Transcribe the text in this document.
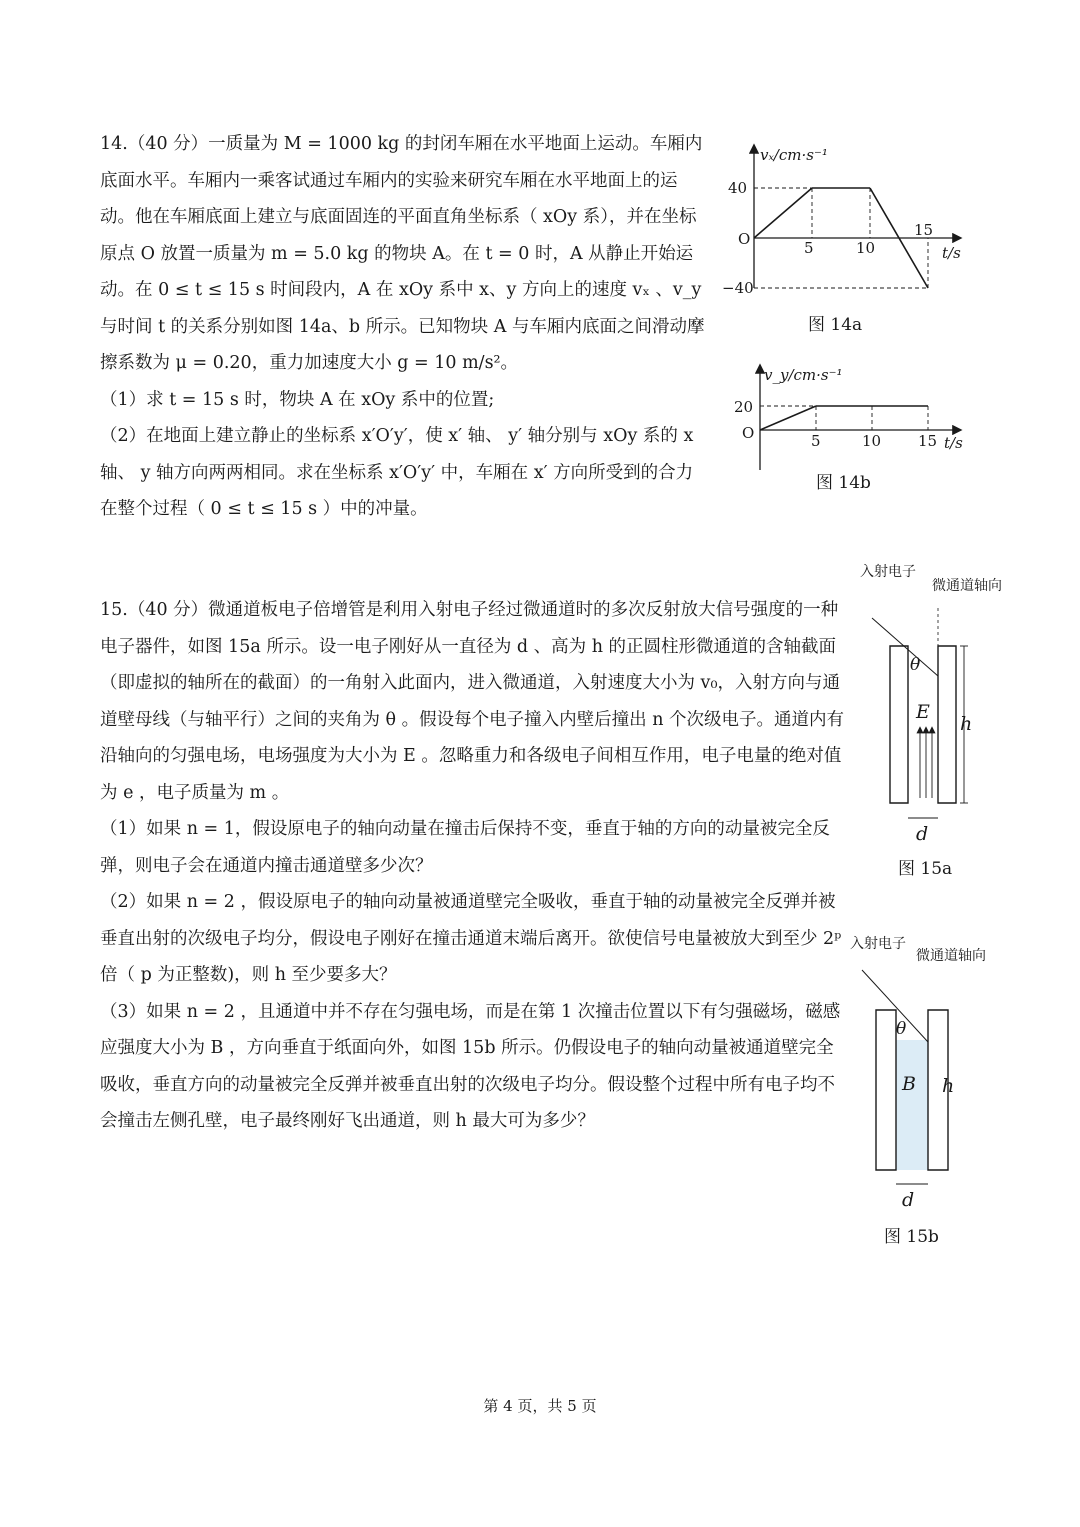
14.（40 分）一质量为 M = 1000 kg 的封闭车厢在水平地面上运动。车厢内底面水平。车厢内一乘客试通过车厢内的实验来研究车厢在水平地面上的运动。他在车厢底面上建立与底面固连的平面直角坐标系（ xOy 系），并在坐标原点 O 放置一质量为 m = 5.0 kg 的物块 A。在 t = 0 时，A 从静止开始运动。在 0 ≤ t ≤ 15 s 时间段内，A 在 xOy 系中 x、y 方向上的速度 vₓ 、v_y 与时间 t 的关系分别如图 14a、b 所示。已知物块 A 与车厢内底面之间滑动摩擦系数为 μ = 0.20，重力加速度大小 g = 10 m/s²。

（1）求 t = 15 s 时，物块 A 在 xOy 系中的位置;

（2）在地面上建立静止的坐标系 x′O′y′，使 x′ 轴、 y′ 轴分别与 xOy 系的 x 轴、 y 轴方向两两相同。求在坐标系 x′O′y′ 中，车厢在 x′ 方向所受到的合力在整个过程（ 0 ≤ t ≤ 15 s ）中的冲量。

vₓ/cm·s⁻¹
t/s
O
40
−40
5	10
15
图 14a
v_y/cm·s⁻¹
t/s
O
20
5	10 15
图 14b

15.（40 分）微通道板电子倍增管是利用入射电子经过微通道时的多次反射放大信号强度的一种电子器件，如图 15a 所示。设一电子刚好从一直径为 d 、高为 h 的正圆柱形微通道的含轴截面（即虚拟的轴所在的截面）的一角射入此面内，进入微通道，入射速度大小为 v₀，入射方向与通道壁母线（与轴平行）之间的夹角为 θ 。假设每个电子撞入内壁后撞出 n 个次级电子。通道内有沿轴向的匀强电场，电场强度为大小为 E 。忽略重力和各级电子间相互作用，电子电量的绝对值为 e ，电子质量为 m 。

（1）如果 n = 1，假设原电子的轴向动量在撞击后保持不变，垂直于轴的方向的动量被完全反弹，则电子会在通道内撞击通道壁多少次？

（2）如果 n = 2 ，假设原电子的轴向动量被通道壁完全吸收，垂直于轴的动量被完全反弹并被垂直出射的次级电子均分，假设电子刚好在撞击通道末端后离开。欲使信号电量被放大到至少 2ᵖ 倍（ p 为正整数)，则 h 至少要多大？

（3）如果 n = 2 ，且通道中并不存在匀强电场，而是在第 1 次撞击位置以下有匀强磁场，磁感应强度大小为 B ，方向垂直于纸面向外，如图 15b 所示。仍假设电子的轴向动量被通道壁完全吸收，垂直方向的动量被完全反弹并被垂直出射的次级电子均分。假设整个过程中所有电子均不会撞击左侧孔壁，电子最终刚好飞出通道，则 h 最大可为多少？

入射电子
微通道轴向
θ
E
h
d
图 15a
入射电子
微通道轴向
θ
B h
d
图 15b
第 4 页，共 5 页
